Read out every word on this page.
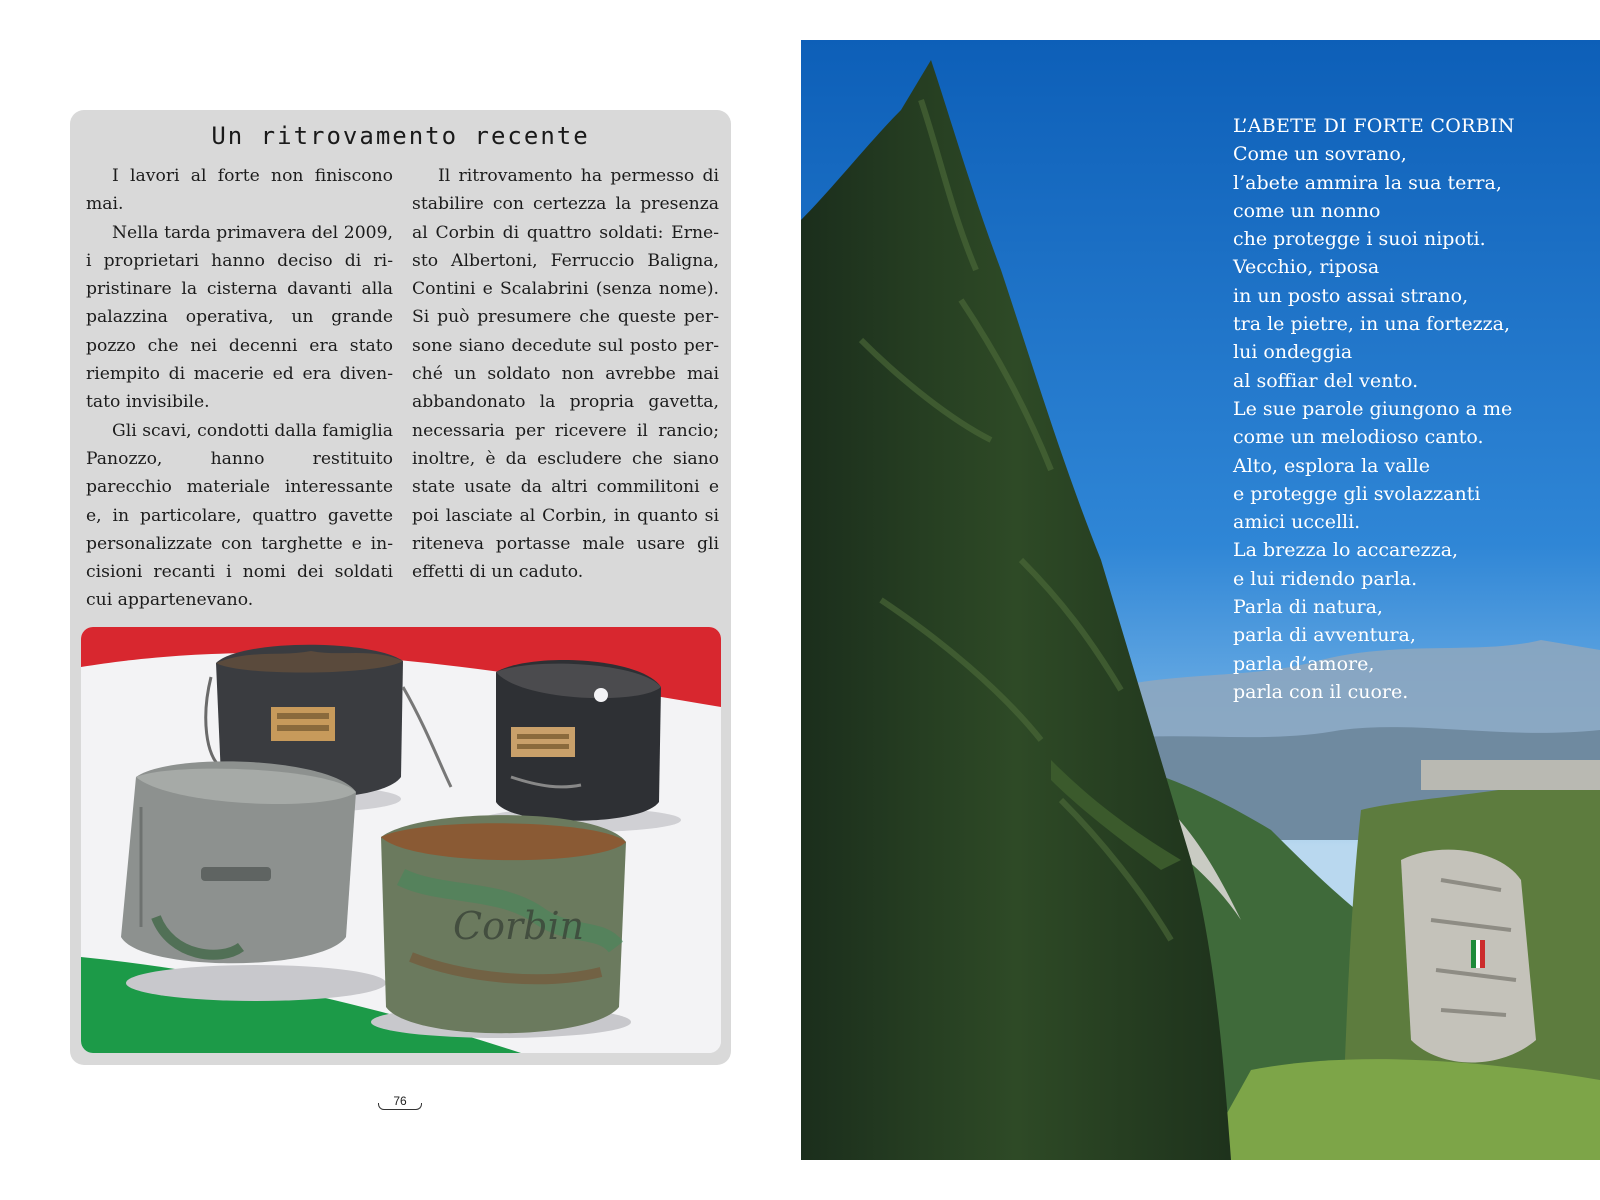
Un ritrovamento recente

I lavori al forte non finiscono mai.

Nella tarda primavera del 2009, i proprietari hanno deciso di ripristinare la cisterna davanti alla palazzina operativa, un grande pozzo che nei decenni era stato riempito di macerie ed era diventato invisibile.

Gli scavi, condotti dalla famiglia Panozzo, hanno restituito parecchio materiale interessante e, in particolare, quattro gavette personalizzate con targhette e incisioni recanti i nomi dei soldati cui appartenevano.

Il ritrovamento ha permesso di stabilire con certezza la presenza al Corbin di quattro soldati: Ernesto Albertoni, Ferruccio Baligna, Contini e Scalabrini (senza nome). Si può presumere che queste persone siano decedute sul posto perché un soldato non avrebbe mai abbandonato la propria gavetta, necessaria per ricevere il rancio; inoltre, è da escludere che siano state usate da altri commilitoni e poi lasciate al Corbin, in quanto si riteneva portasse male usare gli effetti di un caduto.

Corbin
76
L’ABETE DI FORTE CORBIN
Come un sovrano,
l’abete ammira la sua terra,
come un nonno
che protegge i suoi nipoti.
Vecchio, riposa
in un posto assai strano,
tra le pietre, in una fortezza,
lui ondeggia
al soffiar del vento.
Le sue parole giungono a me
come un melodioso canto.
Alto, esplora la valle
e protegge gli svolazzanti
amici uccelli.
La brezza lo accarezza,
e lui ridendo parla.
Parla di natura,
parla di avventura,
parla d’amore,
parla con il cuore.
